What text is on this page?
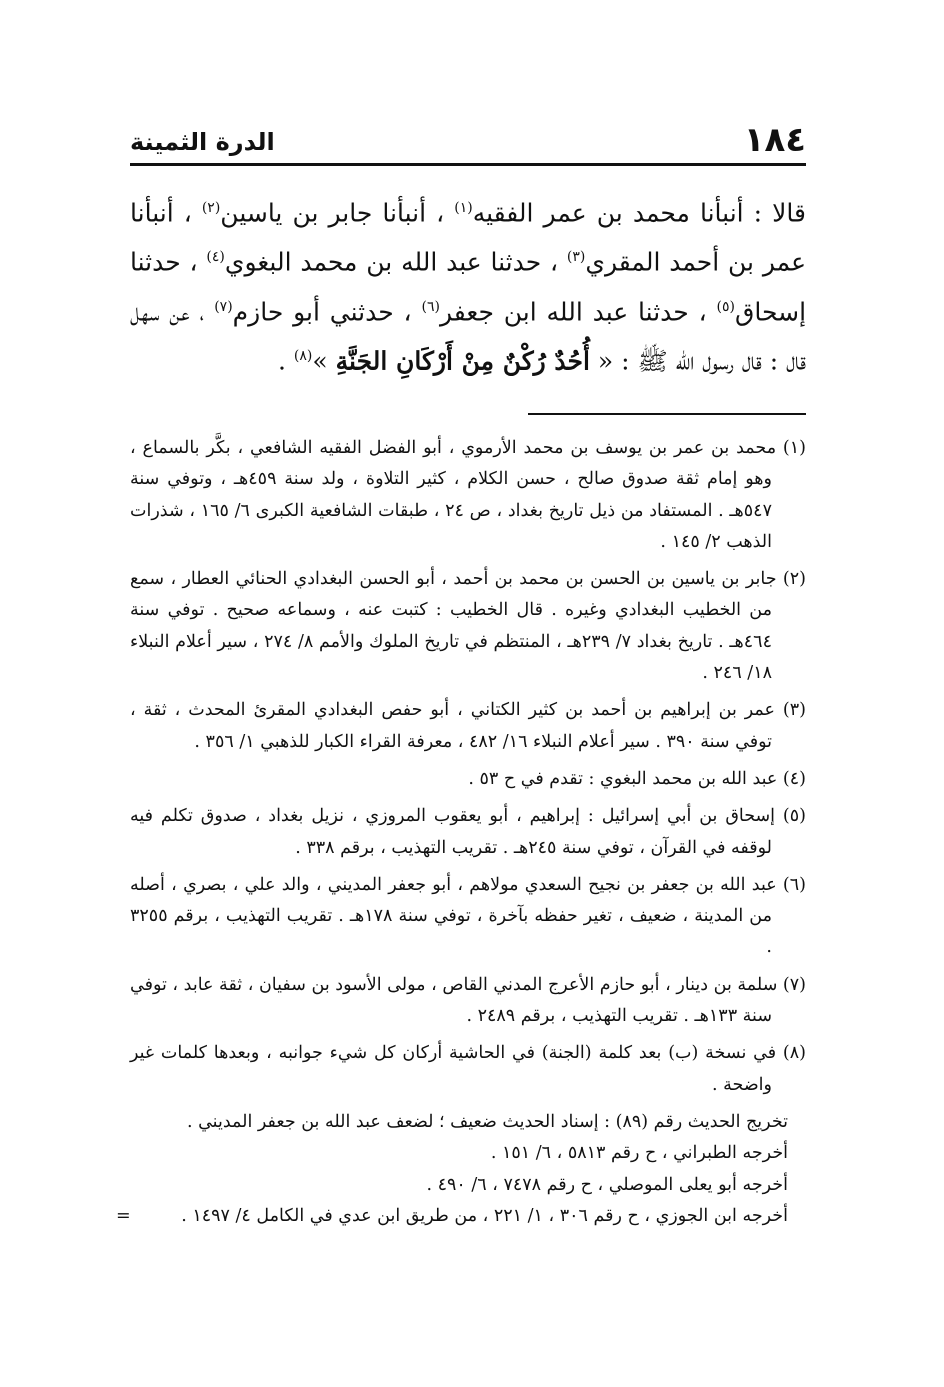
١٨٤
الدرة الثمينة

قالا : أنبأنا محمد بن عمر الفقيه$^{(١)}$ ، أنبأنا جابر بن ياسين$^{(٢)}$ ، أنبأنا عمر بن أحمد المقري$^{(٣)}$ ، حدثنا عبد الله بن محمد البغوي$^{(٤)}$ ، حدثنا إسحاق$^{(٥)}$ ، حدثنا عبد الله ابن جعفر$^{(٦)}$ ، حدثني أبو حازم$^{(٧)}$ ، عن سهل قال : قال رسول الله ﷺ : « أُحُدٌ رُكْنٌ مِنْ أَرْكَانِ الجَنَّةِ »$^{(٨)}$ .

(١) محمد بن عمر بن يوسف بن محمد الأرموي ، أبو الفضل الفقيه الشافعي ، بكَّر بالسماع ، وهو إمام ثقة صدوق صالح ، حسن الكلام ، كثير التلاوة ، ولد سنة ٤٥٩هـ ، وتوفي سنة ٥٤٧هـ . المستفاد من ذيل تاريخ بغداد ، ص ٢٤ ، طبقات الشافعية الكبرى ٦/ ١٦٥ ، شذرات الذهب ٢/ ١٤٥ .

(٢) جابر بن ياسين بن الحسن بن محمد بن أحمد ، أبو الحسن البغدادي الحنائي العطار ، سمع من الخطيب البغدادي وغيره . قال الخطيب : كتبت عنه ، وسماعه صحيح . توفي سنة ٤٦٤هـ . تاريخ بغداد ٧/ ٢٣٩هـ ، المنتظم في تاريخ الملوك والأمم ٨/ ٢٧٤ ، سير أعلام النبلاء ١٨/ ٢٤٦ .

(٣) عمر بن إبراهيم بن أحمد بن كثير الكتاني ، أبو حفص البغدادي المقرئ المحدث ، ثقة ، توفي سنة ٣٩٠ . سير أعلام النبلاء ١٦/ ٤٨٢ ، معرفة القراء الكبار للذهبي ١/ ٣٥٦ .

(٤) عبد الله بن محمد البغوي : تقدم في ح ٥٣ .

(٥) إسحاق بن أبي إسرائيل : إبراهيم ، أبو يعقوب المروزي ، نزيل بغداد ، صدوق تكلم فيه لوقفه في القرآن ، توفي سنة ٢٤٥هـ . تقريب التهذيب ، برقم ٣٣٨ .

(٦) عبد الله بن جعفر بن نجيح السعدي مولاهم ، أبو جعفر المديني ، والد علي ، بصري ، أصله من المدينة ، ضعيف ، تغير حفظه بآخرة ، توفي سنة ١٧٨هـ . تقريب التهذيب ، برقم ٣٢٥٥ .

(٧) سلمة بن دينار ، أبو حازم الأعرج المدني القاص ، مولى الأسود بن سفيان ، ثقة عابد ، توفي سنة ١٣٣هـ . تقريب التهذيب ، برقم ٢٤٨٩ .

(٨) في نسخة (ب) بعد كلمة (الجنة) في الحاشية أركان كل شيء جوانبه ، وبعدها كلمات غير واضحة .

تخريج الحديث رقم (٨٩) : إسناد الحديث ضعيف ؛ لضعف عبد الله بن جعفر المديني .

أخرجه الطبراني ، ح رقم ٥٨١٣ ، ٦/ ١٥١ .

أخرجه أبو يعلى الموصلي ، ح رقم ٧٤٧٨ ، ٦/ ٤٩٠ .

أخرجه ابن الجوزي ، ح رقم ٣٠٦ ، ١/ ٢٢١ ، من طريق ابن عدي في الكامل ٤/ ١٤٩٧ .
=
